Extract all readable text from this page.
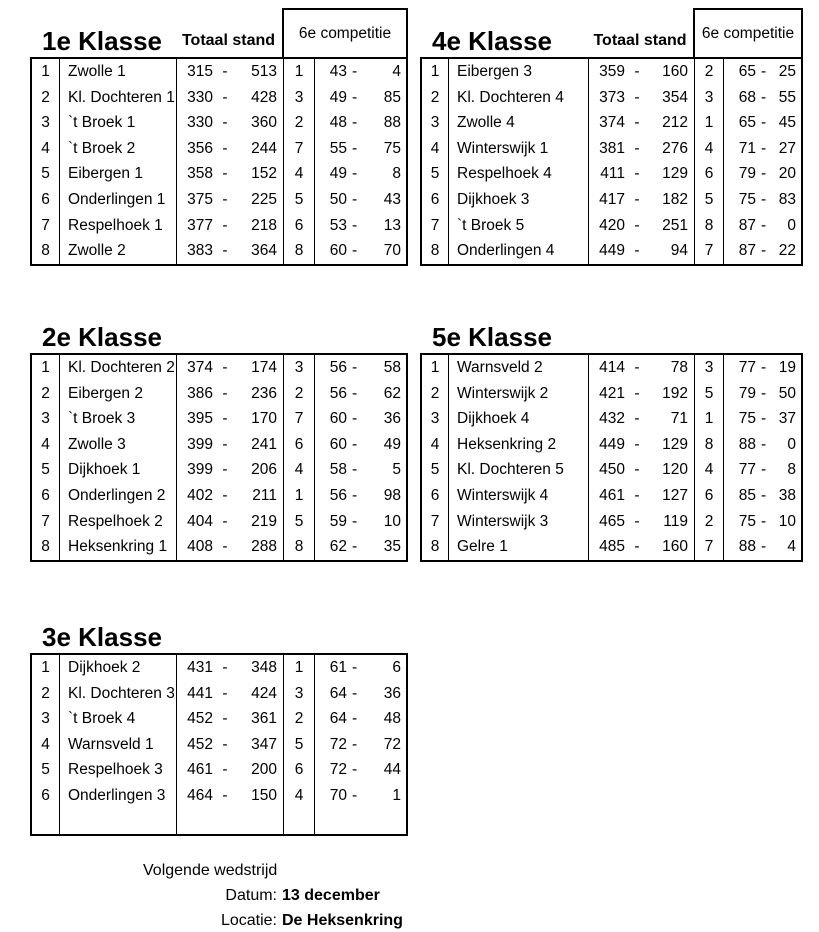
Volgende wedstrijd
Datum: 13 december
Locatie: De Heksenkring
1e Klasse	Totaal stand	6e competitie
1	Zwolle 1	315 -	513	1	43 -	4
2	Kl. Dochteren 1 330 -	428	3	49 -	85
3	`t Broek 1	330 -	360	2	48 -	88
4	`t Broek 2	356 -	244	7	55 -	75
5	Eibergen 1	358 -	152	4	49 -	8
6	Onderlingen 1	375 -	225	5	50 -	43
7	Respelhoek 1	377 -	218	6	53 -	13
8	Zwolle 2	383 -	364	8	60 -	70
4e Klasse	Totaal stand 6e competitie
1	Eibergen 3	359 -	160	2	65 - 25
2	Kl. Dochteren 4	373 -	354	3	68 - 55
3	Zwolle 4	374 -	212	1	65 - 45
4	Winterswijk 1	381 -	276	4	71 - 27
5	Respelhoek 4	411 -	129	6	79 - 20
6	Dijkhoek 3	417 -	182	5	75 - 83
7	`t Broek 5	420 -	251	8	87 -	0
8	Onderlingen 4	449 -	94	7	87 - 22
2e Klasse
1	Kl. Dochteren 2 374 -	174	3	56 -	58
2	Eibergen 2	386 -	236	2	56 -	62
3	`t Broek 3	395 -	170	7	60 -	36
4	Zwolle 3	399 -	241	6	60 -	49
5	Dijkhoek 1	399 -	206	4	58 -	5
6	Onderlingen 2	402 -	211	1	56 -	98
7	Respelhoek 2	404 -	219	5	59 -	10
8	Heksenkring 1	408 -	288	8	62 -	35
5e Klasse
1	Warnsveld 2	414 -	78	3	77 - 19
2	Winterswijk 2	421 -	192	5	79 - 50
3	Dijkhoek 4	432 -	71	1	75 - 37
4	Heksenkring 2	449 -	129	8	88 -	0
5	Kl. Dochteren 5	450 -	120	4	77 -	8
6	Winterswijk 4	461 -	127	6	85 - 38
7	Winterswijk 3	465 -	119	2	75 - 10
8	Gelre 1	485 -	160	7	88 -	4
3e Klasse
1	Dijkhoek 2	431 -	348	1	61 -	6
2	Kl. Dochteren 3 441 -	424	3	64 -	36
3	`t Broek 4	452 -	361	2	64 -	48
4	Warnsveld 1	452 -	347	5	72 -	72
5	Respelhoek 3	461 -	200	6	72 -	44
6	Onderlingen 3	464 -	150	4	70 -	1
